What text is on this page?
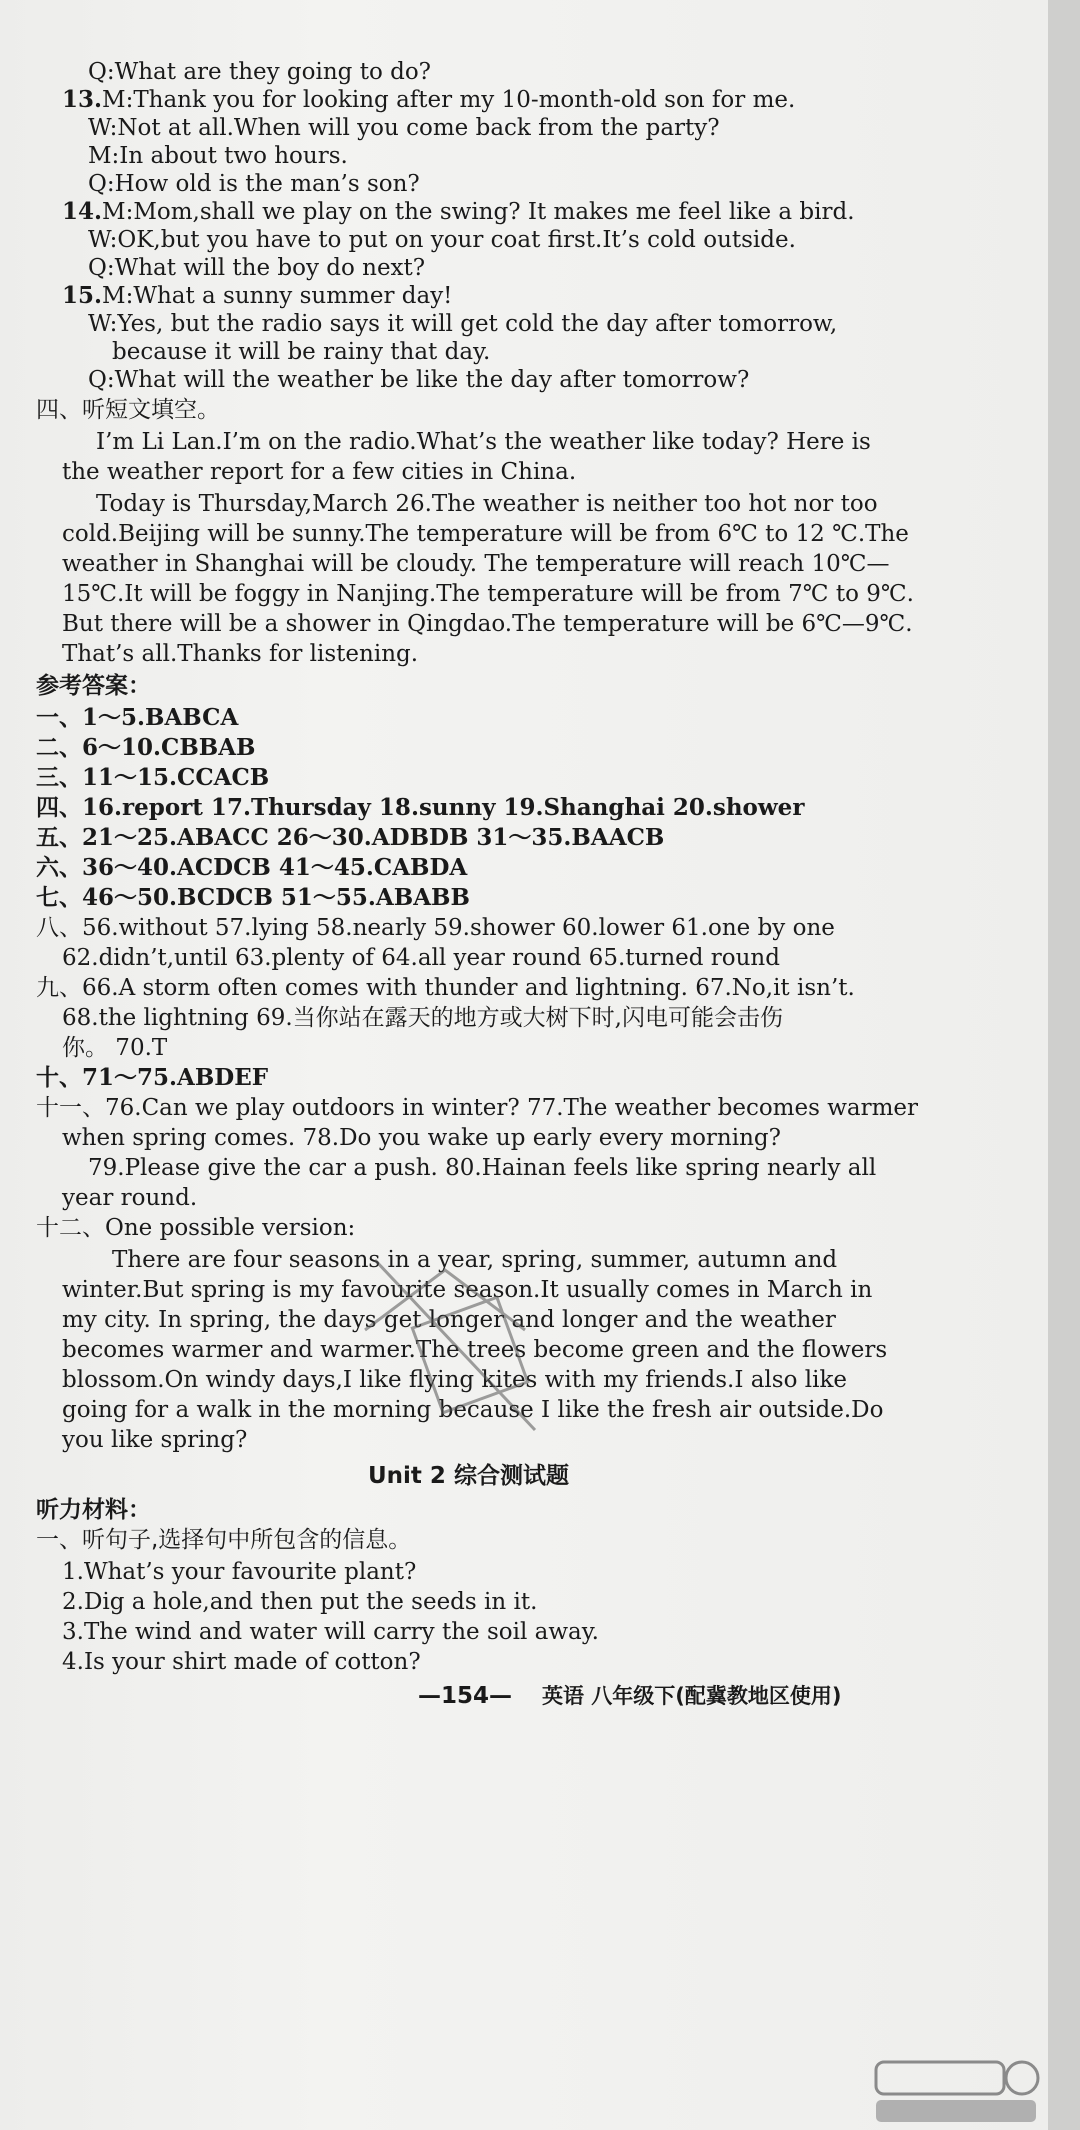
Q:What are they going to do?
13.M:Thank you for looking after my 10-month-old son for me.
W:Not at all.When will you come back from the party?
M:In about two hours.
Q:How old is the man’s son?
14.M:Mom,shall we play on the swing? It makes me feel like a bird.
W:OK,but you have to put on your coat first.It’s cold outside.
Q:What will the boy do next?
15.M:What a sunny summer day!
W:Yes, but the radio says it will get cold the day after tomorrow,
because it will be rainy that day.
Q:What will the weather be like the day after tomorrow?
四、听短文填空。
I’m Li Lan.I’m on the radio.What’s the weather like today? Here is
the weather report for a few cities in China.
Today is Thursday,March 26.The weather is neither too hot nor too
cold.Beijing will be sunny.The temperature will be from 6℃ to 12 ℃.The
weather in Shanghai will be cloudy. The temperature will reach 10℃—
15℃.It will be foggy in Nanjing.The temperature will be from 7℃ to 9℃.
But there will be a shower in Qingdao.The temperature will be 6℃—9℃.
That’s all.Thanks for listening.
参考答案：
一、1～5.BABCA
二、6～10.CBBAB
三、11～15.CCACB
四、16.report 17.Thursday 18.sunny 19.Shanghai 20.shower
五、21～25.ABACC 26～30.ADBDB 31～35.BAACB
六、36～40.ACDCB 41～45.CABDA
七、46～50.BCDCB 51～55.ABABB
八、56.without 57.lying 58.nearly 59.shower 60.lower 61.one by one
62.didn’t,until 63.plenty of 64.all year round 65.turned round
九、66.A storm often comes with thunder and lightning. 67.No,it isn’t.
68.the lightning 69.当你站在露天的地方或大树下时,闪电可能会击伤
你。 70.T
十、71～75.ABDEF
十一、76.Can we play outdoors in winter? 77.The weather becomes warmer
when spring comes. 78.Do you wake up early every morning?
79.Please give the car a push. 80.Hainan feels like spring nearly all
year round.
十二、One possible version:
There are four seasons in a year, spring, summer, autumn and
winter.But spring is my favourite season.It usually comes in March in
my city. In spring, the days get longer and longer and the weather
becomes warmer and warmer.The trees become green and the flowers
blossom.On windy days,I like flying kites with my friends.I also like
going for a walk in the morning because I like the fresh air outside.Do
you like spring?
Unit 2 综合测试题
听力材料：
一、听句子,选择句中所包含的信息。
1.What’s your favourite plant?
2.Dig a hole,and then put the seeds in it.
3.The wind and water will carry the soil away.
4.Is your shirt made of cotton?
—154— 英语 八年级下(配冀教地区使用)
